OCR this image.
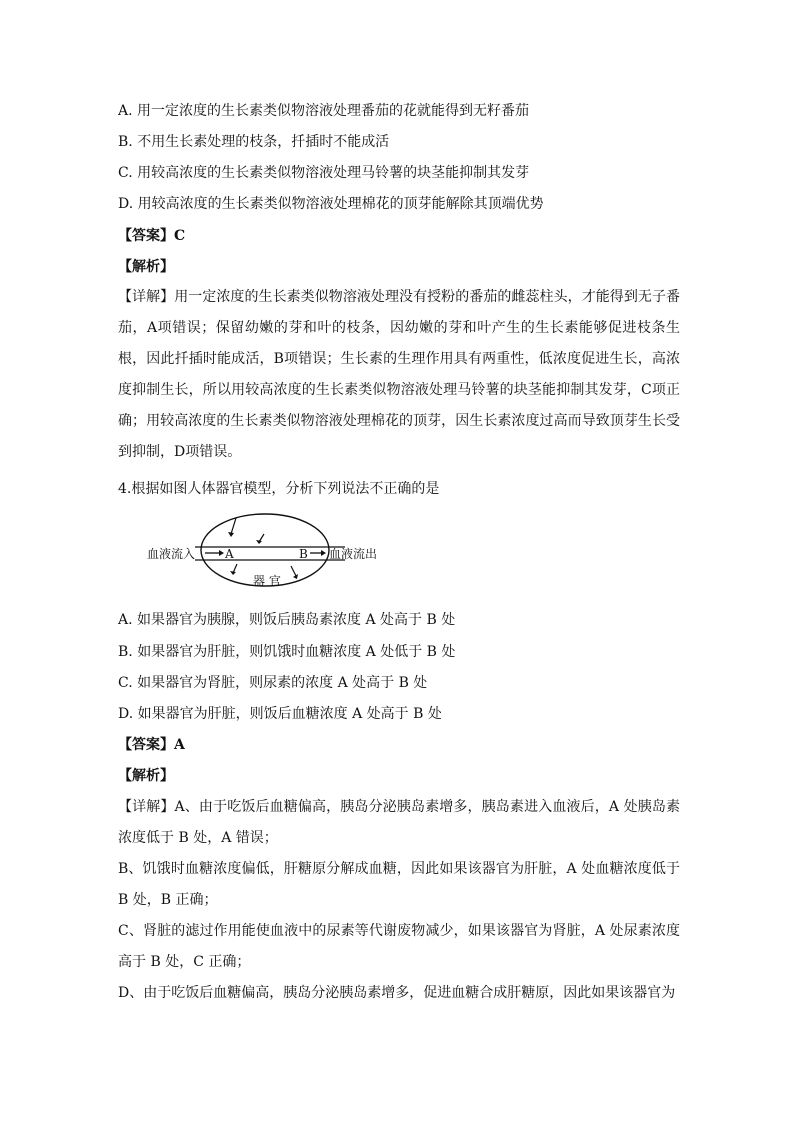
A. 用一定浓度的生长素类似物溶液处理番茄的花就能得到无籽番茄
B. 不用生长素处理的枝条，扦插时不能成活
C. 用较高浓度的生长素类似物溶液处理马铃薯的块茎能抑制其发芽
D. 用较高浓度的生长素类似物溶液处理棉花的顶芽能解除其顶端优势
【答案】C
【解析】
【详解】用一定浓度的生长素类似物溶液处理没有授粉的番茄的雌蕊柱头，才能得到无子番茄，A项错误；保留幼嫩的芽和叶的枝条，因幼嫩的芽和叶产生的生长素能够促进枝条生根，因此扦插时能成活，B项错误；生长素的生理作用具有两重性，低浓度促进生长，高浓度抑制生长，所以用较高浓度的生长素类似物溶液处理马铃薯的块茎能抑制其发芽，C项正确；用较高浓度的生长素类似物溶液处理棉花的顶芽，因生长素浓度过高而导致顶芽生长受到抑制，D项错误。
4.根据如图人体器官模型，分析下列说法不正确的是
血液流入 A	B 血液流出
器 官
A. 如果器官为胰腺，则饭后胰岛素浓度 A 处高于 B 处
B. 如果器官为肝脏，则饥饿时血糖浓度 A 处低于 B 处
C. 如果器官为肾脏，则尿素的浓度 A 处高于 B 处
D. 如果器官为肝脏，则饭后血糖浓度 A 处高于 B 处
【答案】A
【解析】
【详解】A、由于吃饭后血糖偏高，胰岛分泌胰岛素增多，胰岛素进入血液后，A 处胰岛素浓度低于 B 处，A 错误；
B、饥饿时血糖浓度偏低，肝糖原分解成血糖，因此如果该器官为肝脏，A 处血糖浓度低于 B 处，B 正确；
C、肾脏的滤过作用能使血液中的尿素等代谢废物减少，如果该器官为肾脏，A 处尿素浓度高于 B 处，C 正确；
D、由于吃饭后血糖偏高，胰岛分泌胰岛素增多，促进血糖合成肝糖原，因此如果该器官为
